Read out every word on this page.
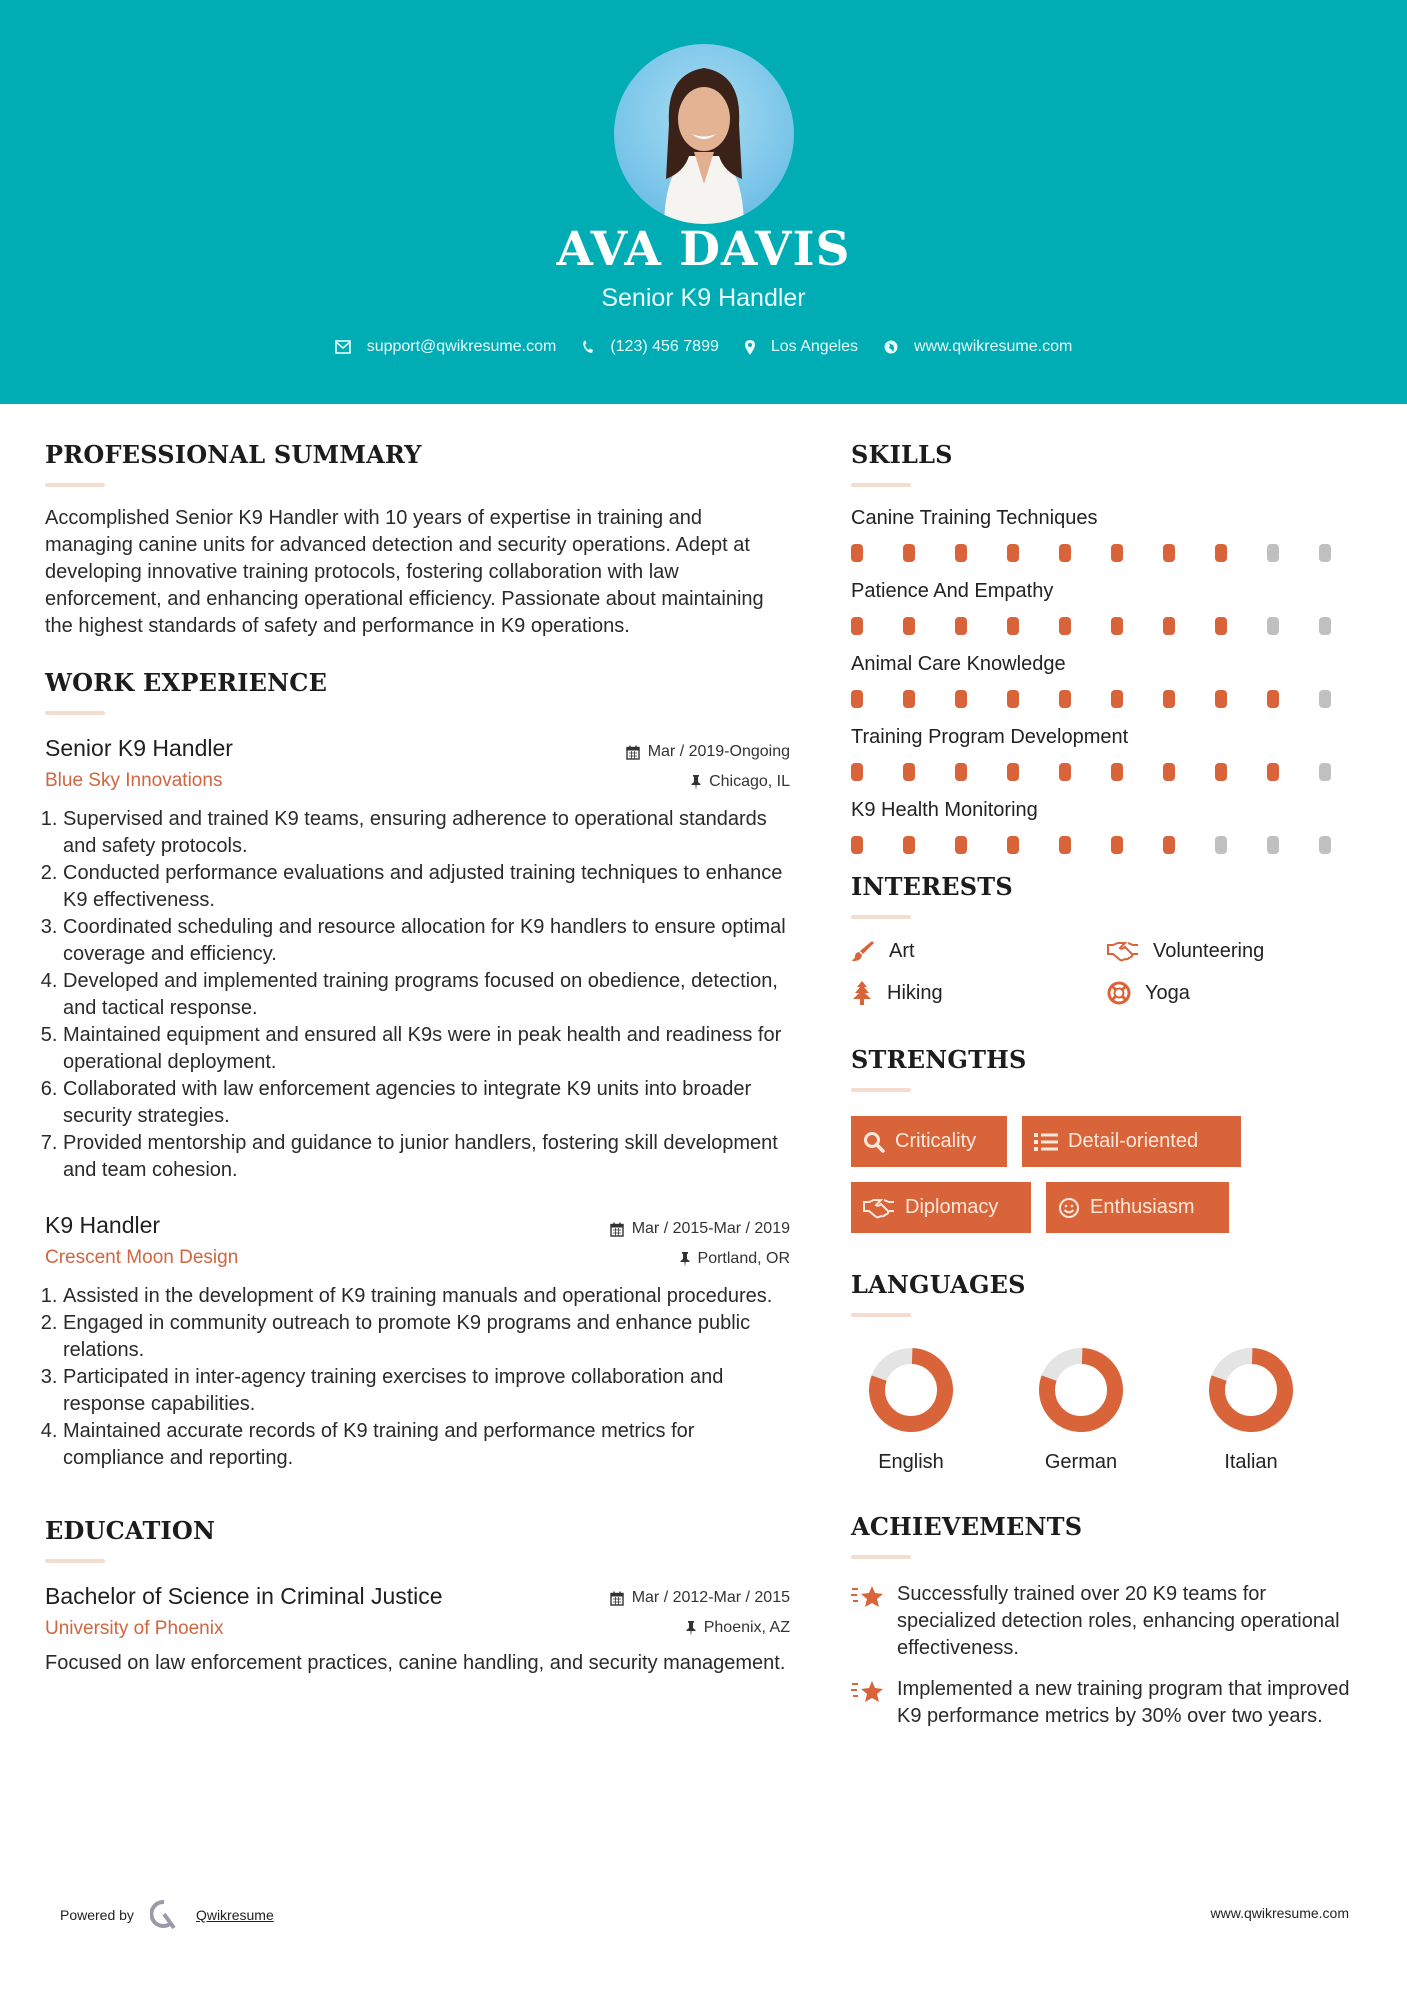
AVA DAVIS
Senior K9 Handler
support@qwikresume.com	(123) 456 7899	Los Angeles	www.qwikresume.com
PROFESSIONAL SUMMARY

Accomplished Senior K9 Handler with 10 years of expertise in training and managing canine units for advanced detection and security operations. Adept at developing innovative training protocols, fostering collaboration with law enforcement, and enhancing operational efficiency. Passionate about maintaining the highest standards of safety and performance in K9 operations.

WORK EXPERIENCE
Senior K9 Handler
Blue Sky Innovations
Mar / 2019-Ongoing
Chicago, IL
1. Supervised and trained K9 teams, ensuring adherence to operational standards and safety protocols.
2. Conducted performance evaluations and adjusted training techniques to enhance K9 effectiveness.
3. Coordinated scheduling and resource allocation for K9 handlers to ensure optimal coverage and efficiency.
4. Developed and implemented training programs focused on obedience, detection, and tactical response.
5. Maintained equipment and ensured all K9s were in peak health and readiness for operational deployment.
6. Collaborated with law enforcement agencies to integrate K9 units into broader security strategies.
7. Provided mentorship and guidance to junior handlers, fostering skill development and team cohesion.
K9 Handler
Crescent Moon Design
Mar / 2015-Mar / 2019
Portland, OR
1. Assisted in the development of K9 training manuals and operational procedures.
2. Engaged in community outreach to promote K9 programs and enhance public relations.
3. Participated in inter-agency training exercises to improve collaboration and response capabilities.
4. Maintained accurate records of K9 training and performance metrics for compliance and reporting.
EDUCATION
Bachelor of Science in Criminal Justice
University of Phoenix
Mar / 2012-Mar / 2015
Phoenix, AZ

Focused on law enforcement practices, canine handling, and security management.

SKILLS
Canine Training Techniques
Patience And Empathy
Animal Care Knowledge
Training Program Development
K9 Health Monitoring
INTERESTS
Art	Volunteering
Hiking	Yoga
STRENGTHS
Criticality	Detail-oriented
Diplomacy	Enthusiasm
LANGUAGES
English	German	Italian
ACHIEVEMENTS
Successfully trained over 20 K9 teams for specialized detection roles, enhancing operational effectiveness.
Implemented a new training program that improved K9 performance metrics by 30% over two years.
Powered by	Qwikresume	www.qwikresume.com
